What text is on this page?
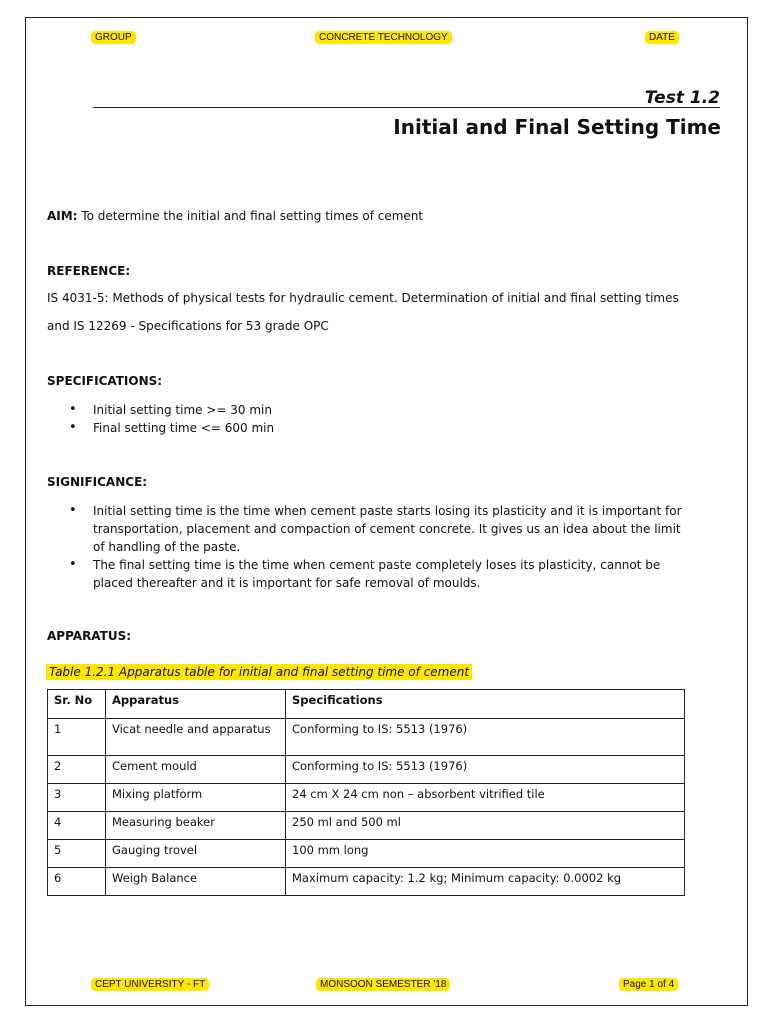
GROUP	CONCRETE TECHNOLOGY	DATE
Test 1.2
Initial and Final Setting Time
AIM: To determine the initial and final setting times of cement
REFERENCE:
IS 4031-5: Methods of physical tests for hydraulic cement. Determination of initial and final setting times
and IS 12269 - Specifications for 53 grade OPC
SPECIFICATIONS:
• Initial setting time >= 30 min
• Final setting time <= 600 min
SIGNIFICANCE:
• Initial setting time is the time when cement paste starts losing its plasticity and it is important for transportation, placement and compaction of cement concrete. It gives us an idea about the limit of handling of the paste.
• The final setting time is the time when cement paste completely loses its plasticity, cannot be placed thereafter and it is important for safe removal of moulds.
APPARATUS:
Table 1.2.1 Apparatus table for initial and final setting time of cement
Sr. No	Apparatus	Specifications
1	Vicat needle and apparatus	Conforming to IS: 5513 (1976)
2	Cement mould	Conforming to IS: 5513 (1976)
3	Mixing platform	24 cm X 24 cm non – absorbent vitrified tile
4	Measuring beaker	250 ml and 500 ml
5	Gauging trovel	100 mm long
6	Weigh Balance	Maximum capacity: 1.2 kg; Minimum capacity: 0.0002 kg
CEPT UNIVERSITY - FT	MONSOON SEMESTER '18	Page 1 of 4
